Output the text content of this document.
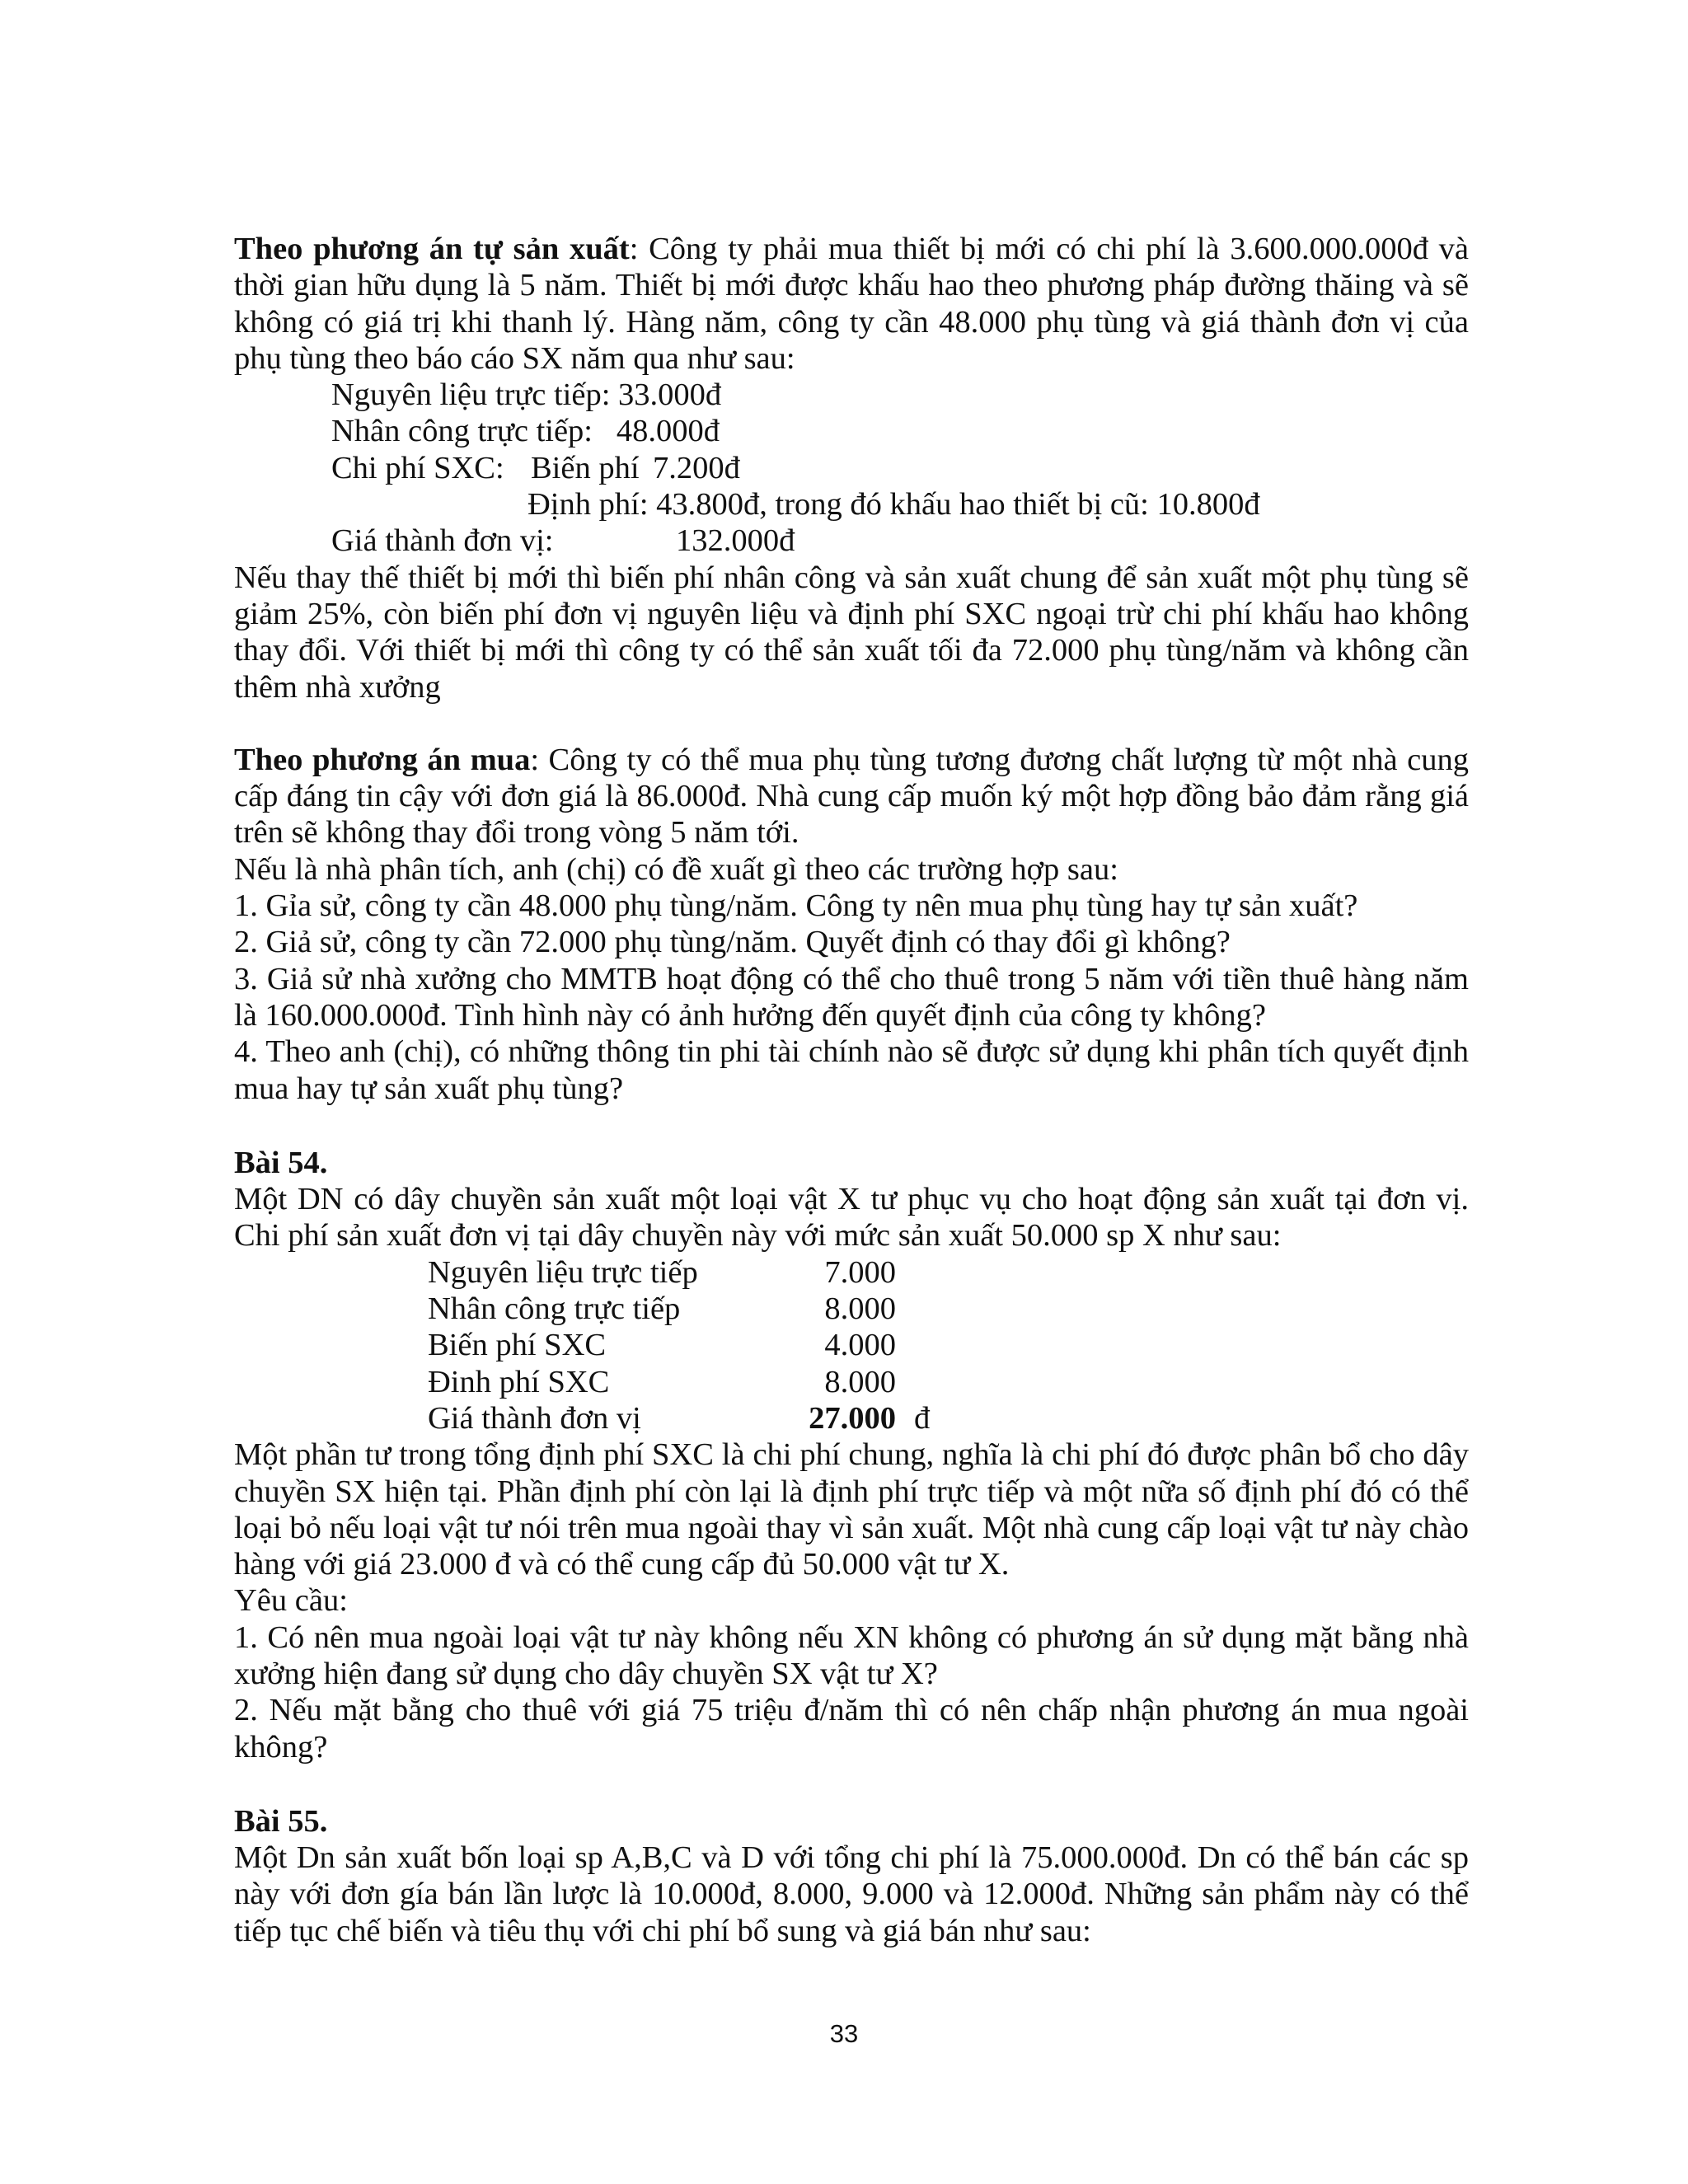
Theo phương án tự sản xuất: Công ty phải mua thiết bị mới có chi phí là 3.600.000.000đ và thời gian hữu dụng là 5 năm. Thiết bị mới được khấu hao theo phương pháp đường thăing và sẽ không có giá trị khi thanh lý. Hàng năm, công ty cần 48.000 phụ tùng và giá thành đơn vị của phụ tùng theo báo cáo SX năm qua như sau:

Nguyên liệu trực tiếp: 33.000đ

Nhân công trực tiếp:   48.000đ

Chi phí SXC: Biến phí 7.200đ

Định phí: 43.800đ, trong đó khấu hao thiết bị cũ: 10.800đ

Giá thành đơn vị:	132.000đ

Nếu thay thế thiết bị mới thì biến phí nhân công và sản xuất chung để sản xuất một phụ tùng sẽ giảm 25%, còn biến phí đơn vị nguyên liệu và định phí SXC ngoại trừ chi phí khấu hao không thay đổi. Với thiết bị mới thì công ty có thể sản xuất tối đa 72.000 phụ tùng/năm và không cần thêm nhà xưởng

Theo phương án mua: Công ty có thể mua phụ tùng tương đương chất lượng từ một nhà cung cấp đáng tin cậy với đơn giá là 86.000đ. Nhà cung cấp muốn ký một hợp đồng bảo đảm rằng giá trên sẽ không thay đổi trong vòng 5 năm tới.

Nếu là nhà phân tích, anh (chị) có đề xuất gì theo các trường hợp sau:

1. Gỉa sử, công ty cần 48.000 phụ tùng/năm. Công ty nên mua phụ tùng hay tự sản xuất?

2. Giả sử, công ty cần 72.000 phụ tùng/năm. Quyết định có thay đổi gì không?

3. Giả sử nhà xưởng cho MMTB hoạt động có thể cho thuê trong 5 năm với tiền thuê hàng năm là 160.000.000đ. Tình hình này có ảnh hưởng đến quyết định của công ty không?

4. Theo anh (chị), có những thông tin phi tài chính nào sẽ được sử dụng khi phân tích quyết định mua hay tự sản xuất phụ tùng?

Bài 54.

Một DN có dây chuyền sản xuất một loại vật X tư phục vụ cho hoạt động sản xuất tại đơn vị. Chi phí sản xuất đơn vị tại dây chuyền này với mức sản xuất 50.000 sp X như sau:

Nguyên liệu trực tiếp	7.000
Nhân công trực tiếp	8.000
Biến phí SXC	4.000
Đinh phí SXC	8.000
Giá thành đơn vị	27.000 đ

Một phần tư trong tổng định phí SXC là chi phí chung, nghĩa là chi phí đó được phân bổ cho dây chuyền SX hiện tại. Phần định phí còn lại là định phí trực tiếp và một nữa số định phí đó có thể loại bỏ nếu loại vật tư nói trên mua ngoài thay vì sản xuất. Một nhà cung cấp loại vật tư này chào hàng với giá 23.000 đ và có thể cung cấp đủ 50.000 vật tư X.

Yêu cầu:

1. Có nên mua ngoài loại vật tư này không nếu XN không có phương án sử dụng mặt bằng nhà xưởng hiện đang sử dụng cho dây chuyền SX vật tư X?

2. Nếu mặt bằng cho thuê với giá 75 triệu đ/năm thì có nên chấp nhận phương án mua ngoài không?

Bài 55.

Một Dn sản xuất bốn loại sp A,B,C và D với tổng chi phí là 75.000.000đ. Dn có thể bán các sp này với đơn gía bán lần lược là 10.000đ, 8.000, 9.000 và 12.000đ. Những sản phẩm này có thể tiếp tục chế biến và tiêu thụ với chi phí bổ sung và giá bán như sau:

33
